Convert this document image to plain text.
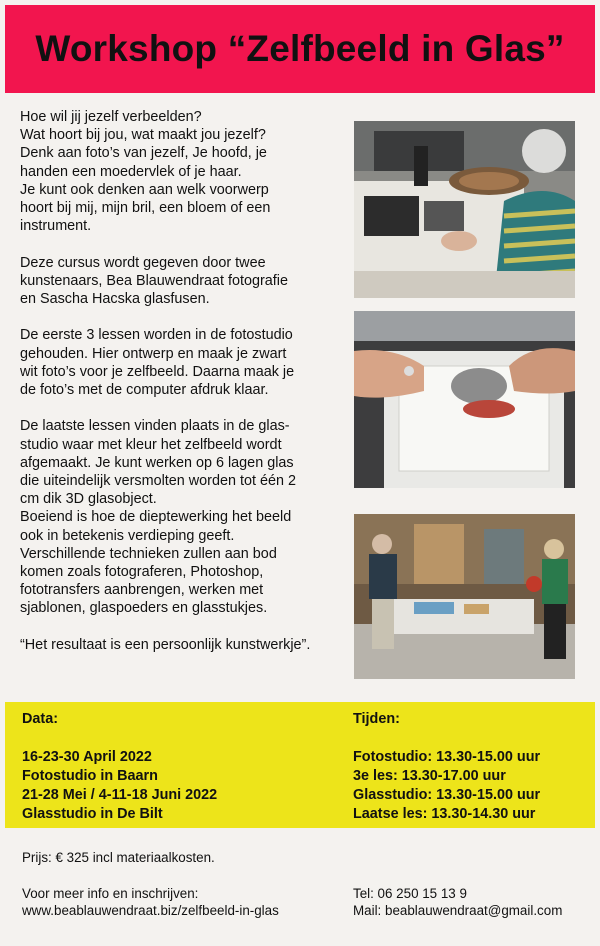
Workshop “Zelfbeeld in Glas”

Hoe wil jij jezelf verbeelden?
Wat hoort bij jou, wat maakt jou jezelf?
Denk aan foto’s van jezelf, Je hoofd, je
handen een moedervlek of je haar.
Je kunt ook denken aan welk voorwerp
hoort bij mij, mijn bril, een bloem of een
instrument.

Deze cursus wordt gegeven door twee
kunstenaars, Bea Blauwendraat fotografie
en Sascha Hacska glasfusen.

De eerste 3 lessen worden in de fotostudio
gehouden. Hier ontwerp en maak je zwart
wit foto’s voor je zelfbeeld. Daarna maak je
de foto’s met de computer afdruk klaar.

De laatste lessen vinden plaats in de glas-
studio waar met kleur het zelfbeeld wordt
afgemaakt. Je kunt werken op 6 lagen glas
die uiteindelijk versmolten worden tot één 2
cm dik 3D glasobject.

Boeiend is hoe de dieptewerking het beeld
ook in betekenis verdieping geeft.
Verschillende technieken zullen aan bod
komen zoals fotograferen, Photoshop,
fototransfers aanbrengen, werken met
sjablonen, glaspoeders en glasstukjes.

“Het resultaat is een persoonlijk kunstwerkje”.

Data:
16-23-30 April 2022
Fotostudio in Baarn
21-28 Mei / 4-11-18 Juni 2022
Glasstudio in De Bilt
Tijden:
Fotostudio: 13.30-15.00 uur
3e les: 13.30-17.00 uur
Glasstudio: 13.30-15.00 uur
Laatse les: 13.30-14.30 uur
Prijs: € 325 incl materiaalkosten.
Voor meer info en inschrijven:
www.beablauwendraat.biz/zelfbeeld-in-glas
Tel: 06 250 15 13 9
Mail: beablauwendraat@gmail.com
